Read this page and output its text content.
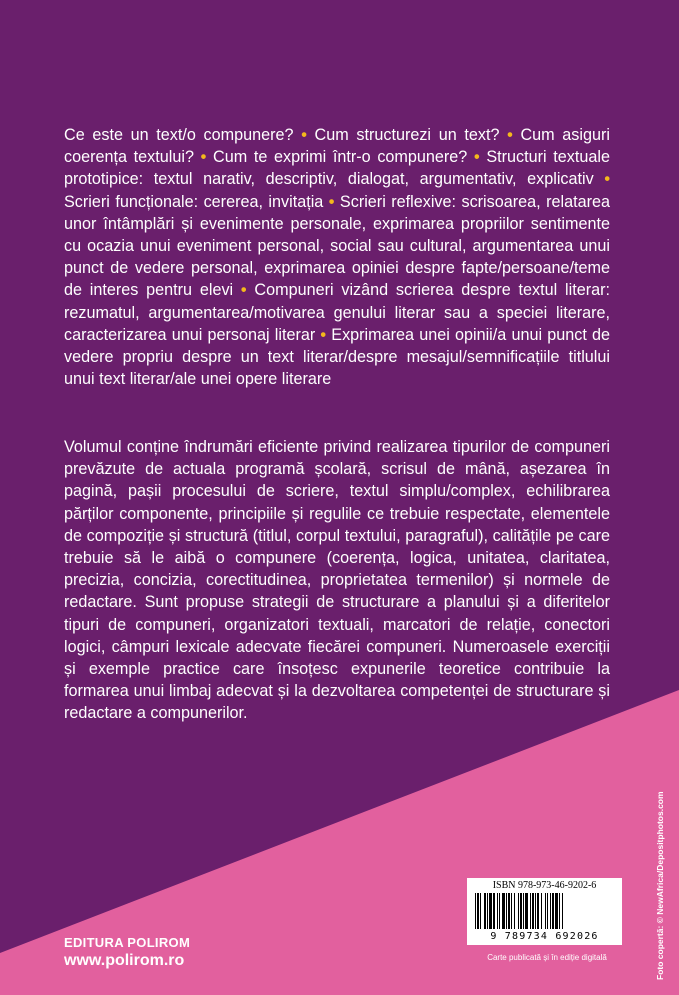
Ce este un text/o compunere? • Cum structurezi un text? • Cum asiguri coerența textului? • Cum te exprimi într-o compunere? • Structuri textuale prototipice: textul narativ, descriptiv, dialogat, argumentativ, explicativ • Scrieri funcționale: cererea, invitația • Scrieri reflexive: scrisoarea, relatarea unor întâmplări și evenimente personale, exprimarea propriilor sentimente cu ocazia unui eveniment personal, social sau cultural, argumentarea unui punct de vedere personal, exprimarea opiniei despre fapte/persoane/teme de interes pentru elevi • Compuneri vizând scrierea despre textul literar: rezumatul, argumentarea/motivarea genului literar sau a speciei literare, caracterizarea unui personaj literar • Exprimarea unei opinii/a unui punct de vedere propriu despre un text literar/despre mesajul/semnificațiile titlului unui text literar/ale unei opere literare
Volumul conține îndrumări eficiente privind realizarea tipurilor de compuneri prevăzute de actuala programă școlară, scrisul de mână, așezarea în pagină, pașii procesului de scriere, textul simplu/complex, echilibrarea părților componente, principiile și regulile ce trebuie respectate, elementele de compoziție și structură (titlul, corpul textului, paragraful), calitățile pe care trebuie să le aibă o compunere (coerența, logica, unitatea, claritatea, precizia, concizia, corectitudinea, proprietatea termenilor) și normele de redactare. Sunt propuse strategii de structurare a planului și a diferitelor tipuri de compuneri, organizatori textuali, marcatori de relație, conectori logici, câmpuri lexicale adecvate fiecărei compuneri. Numeroasele exerciții și exemple practice care însoțesc expunerile teoretice contribuie la formarea unui limbaj adecvat și la dezvoltarea competenței de structurare și redactare a compunerilor.
EDITURA POLIROM
www.polirom.ro
ISBN 978-973-46-9202-6
9 789734 692026
Carte publicată și în ediție digitală	Foto copertă: © NewAfrica/Depositphotos.com
